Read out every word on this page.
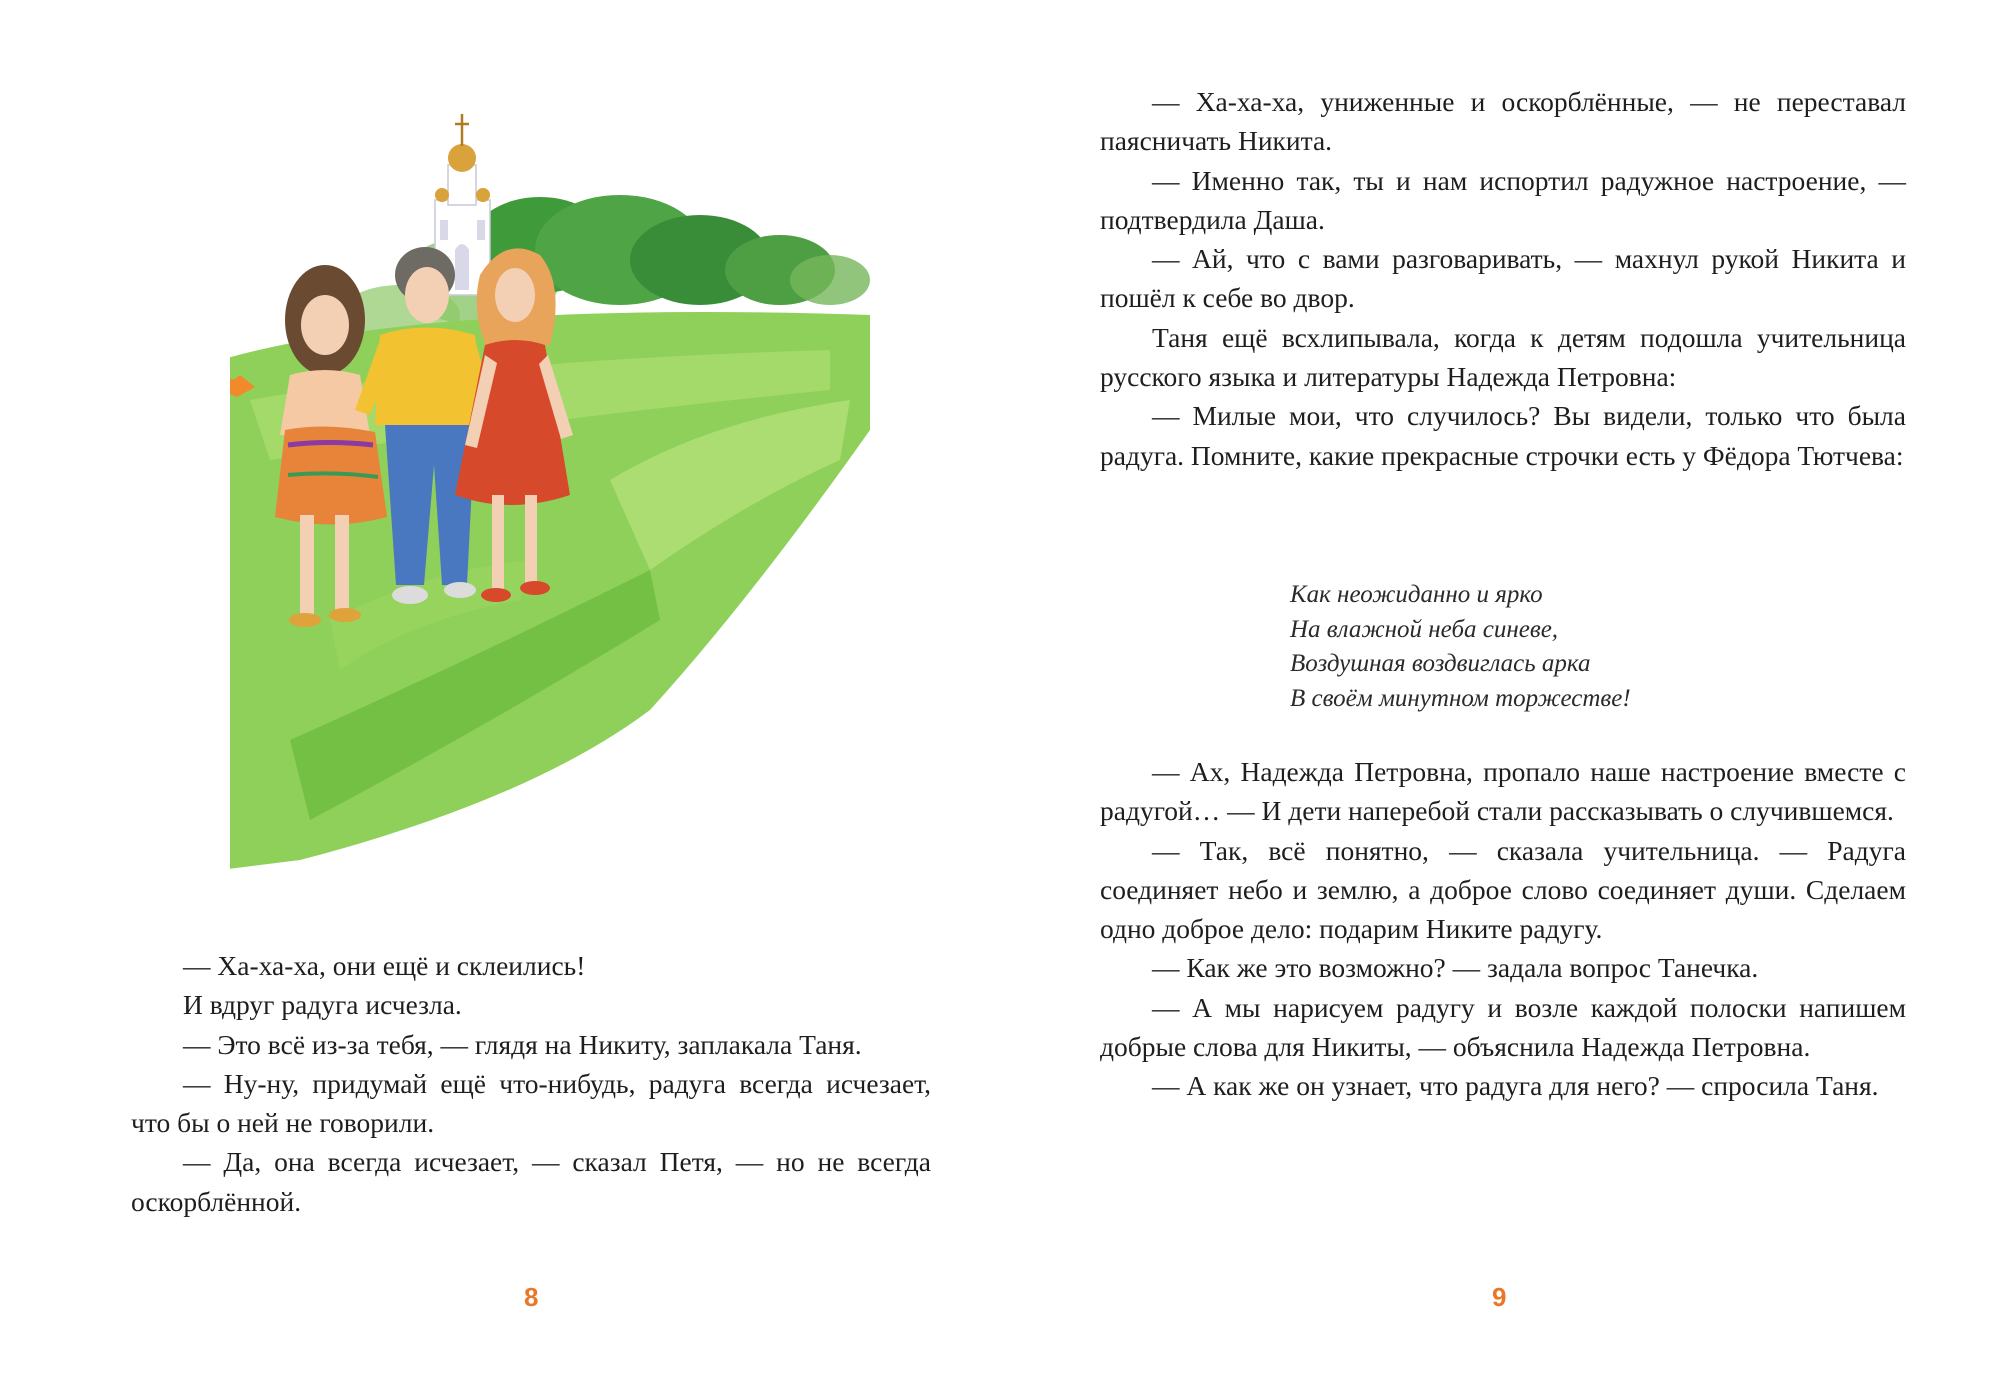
— Ха-ха-ха, они ещё и склеились!

И вдруг радуга исчезла.

— Это всё из-за тебя, — глядя на Никиту, заплакала Таня.

— Ну-ну, придумай ещё что-нибудь, радуга всегда исчезает, что бы о ней не говорили.

— Да, она всегда исчезает, — сказал Петя, — но не всегда оскорблённой.

8

— Ха-ха-ха, униженные и оскорблённые, — не переставал паясничать Никита.

— Именно так, ты и нам испортил радужное настроение, — подтвердила Даша.

— Ай, что с вами разговаривать, — махнул рукой Никита и пошёл к себе во двор.

Таня ещё всхлипывала, когда к детям подошла учительница русского языка и литературы Надежда Петровна:

— Милые мои, что случилось? Вы видели, только что была радуга. Помните, какие прекрасные строчки есть у Фёдора Тютчева:

Как неожиданно и ярко
На влажной неба синеве,
Воздушная воздвиглась арка
В своём минутном торжестве!

— Ах, Надежда Петровна, пропало наше настроение вместе с радугой… — И дети наперебой стали рассказывать о случившемся.

— Так, всё понятно, — сказала учительница. — Радуга соединяет небо и землю, а доброе слово соединяет души. Сделаем одно доброе дело: подарим Никите радугу.

— Как же это возможно? — задала вопрос Танечка.

— А мы нарисуем радугу и возле каждой полоски напишем добрые слова для Никиты, — объяснила Надежда Петровна.

— А как же он узнает, что радуга для него? — спросила Таня.

9
